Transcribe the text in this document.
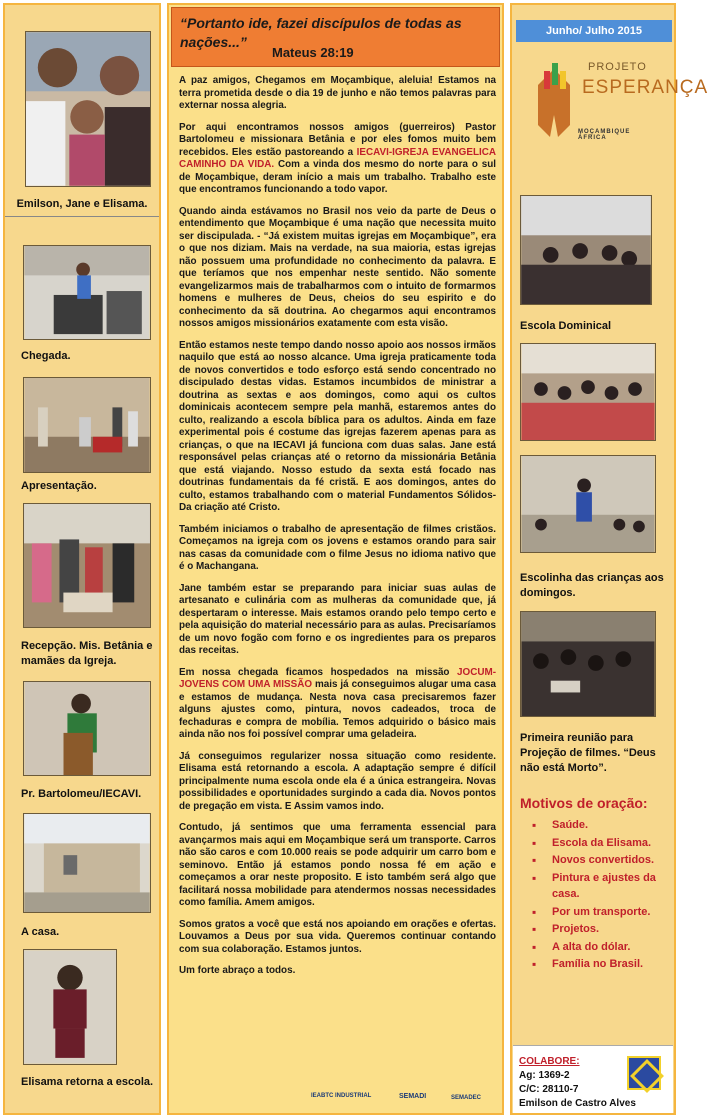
Emilson, Jane e Elisama.
Chegada.
Apresentação.
Recepção. Mis. Betânia e mamães da Igreja.
Pr. Bartolomeu/IECAVI.
A casa.
Elisama retorna a escola.
“Portanto ide, fazei discípulos de todas as nações...”
Mateus 28:19

A paz amigos, Chegamos em Moçambique, aleluia! Estamos na terra prometida desde o dia 19 de junho e não temos palavras para externar nossa alegria.

Por aqui encontramos nossos amigos (guerreiros) Pastor Bartolomeu e missionara Betânia e por eles fomos muito bem recebidos. Eles estão pastoreando a IECAVI-IGREJA EVANGELICA CAMINHO DA VIDA. Com a vinda dos mesmo do norte para o sul de Moçambique, deram início a mais um trabalho. Trabalho este que encontramos funcionando a todo vapor.

Quando ainda estávamos no Brasil nos veio da parte de Deus o entendimento que Moçambique é uma nação que necessita muito ser discipulada. - “Já existem muitas igrejas em Moçambique”, era o que nos diziam. Mais na verdade, na sua maioria, estas igrejas não possuem uma profundidade no conhecimento da palavra. E que teríamos que nos empenhar neste sentido. Não somente evangelizarmos mais de trabalharmos com o intuito de formarmos homens e mulheres de Deus, cheios do seu espirito e do conhecimento da sã doutrina. Ao chegarmos aqui encontramos nossos amigos missionários exatamente com esta visão.

Então estamos neste tempo dando nosso apoio aos nossos irmãos naquilo que está ao nosso alcance. Uma igreja praticamente toda de novos convertidos e todo esforço está sendo concentrado no discipulado destas vidas. Estamos incumbidos de ministrar a doutrina as sextas e aos domingos, como aqui os cultos dominicais acontecem sempre pela manhã, estaremos antes do culto, realizando a escola bíblica para os adultos. Ainda em faze experimental pois é costume das igrejas fazerem apenas para as crianças, o que na IECAVI já funciona com duas salas. Jane está responsável pelas crianças até o retorno da missionária Betânia que está viajando. Nosso estudo da sexta está focado nas doutrinas fundamentais da fé cristã. E aos domingos, antes do culto, estamos trabalhando com o material Fundamentos Sólidos-Da criação até Cristo.

Também iniciamos o trabalho de apresentação de filmes cristãos. Começamos na igreja com os jovens e estamos orando para sair nas casas da comunidade com o filme Jesus no idioma nativo que é o Machangana.

Jane também estar se preparando para iniciar suas aulas de artesanato e culinária com as mulheras da comunidade que, já despertaram o interesse. Mais estamos orando pelo tempo certo e pela aquisição do material necessário para as aulas. Precisaríamos de um novo fogão com forno e os ingredientes para os preparos das receitas.

Em nossa chegada ficamos hospedados na missão JOCUM-JOVENS COM UMA MISSÃO mais já conseguimos alugar uma casa e estamos de mudança. Nesta nova casa precisaremos fazer alguns ajustes como, pintura, novos cadeados, troca de fechaduras e compra de mobília. Temos adquirido o básico mais ainda não nos foi possível comprar uma geladeira.

Já conseguimos regularizer nossa situação como residente. Elisama está retornando a escola. A adaptação sempre é difícil principalmente numa escola onde ela é a única estrangeira. Novas possibilidades e oportunidades surgindo a cada dia. Novos pontos de pregação em vista. E Assim vamos indo.

Contudo, já sentimos que uma ferramenta essencial para avançarmos mais aqui em Moçambique será um transporte. Carros não são caros e com 10.000 reais se pode adquirir um carro bom e seminovo. Então já estamos pondo nossa fé em ação e começamos a orar neste proposito. E isto também será algo que facilitará nossa mobilidade para atendermos nossas necessidades como família. Amem amigos.

Somos gratos a você que está nos apoiando em orações e ofertas. Louvamos a Deus por sua vida. Queremos continuar contando com sua colaboração. Estamos juntos.

Um forte abraço a todos.

IEABTC INDUSTRIAL	SEMADI	SEMADEC
Junho/ Julho 2015
PROJETO
ESPERANÇA
MOÇAMBIQUE ÁFRICA
Escola Dominical
Escolinha das crianças aos domingos.
Primeira reunião para Projeção de filmes. “Deus não está Morto”.
Motivos de oração:
▪ Saúde.
▪ Escola da Elisama.
▪ Novos convertidos.
▪ Pintura e ajustes da casa.
▪ Por um transporte.
▪ Projetos.
▪ A alta do dólar.
▪ Família no Brasil.
COLABORE:
Ag: 1369-2
C/C: 28110-7
Emilson de Castro Alves
